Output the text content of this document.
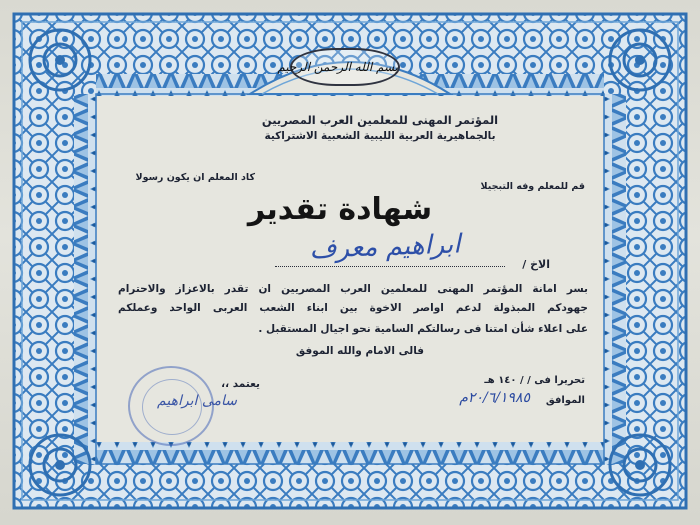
بسم الله الرحمن الرحيم
المؤتمر المهنى للمعلمين العرب المصريين
بالجماهيرية العربية الليبية الشعبية الاشتراكية
قم للمعلم وفه التبجيلا
كاد المعلم ان يكون رسولا
شهادة تقدير
الاخ /
ابراهيم معرف
بسر امانة المؤتمر المهنى للمعلمين العرب المصريين ان تقدر بالاعزاز والاحترام
جهودكم المبذولة لدعم اواصر الاخوة بين ابناء الشعب العربى الواحد وعملكم
على اعلاء شأن امتنا فى رسالتكم السامية نحو اجيال المستقبل .
فالى الامام والله الموفق
تحريرا فى / / ١٤٠ هـ
الموافق
٢٠/٦/١٩٨٥م
يعتمد ،،
سامى ابراهيم
